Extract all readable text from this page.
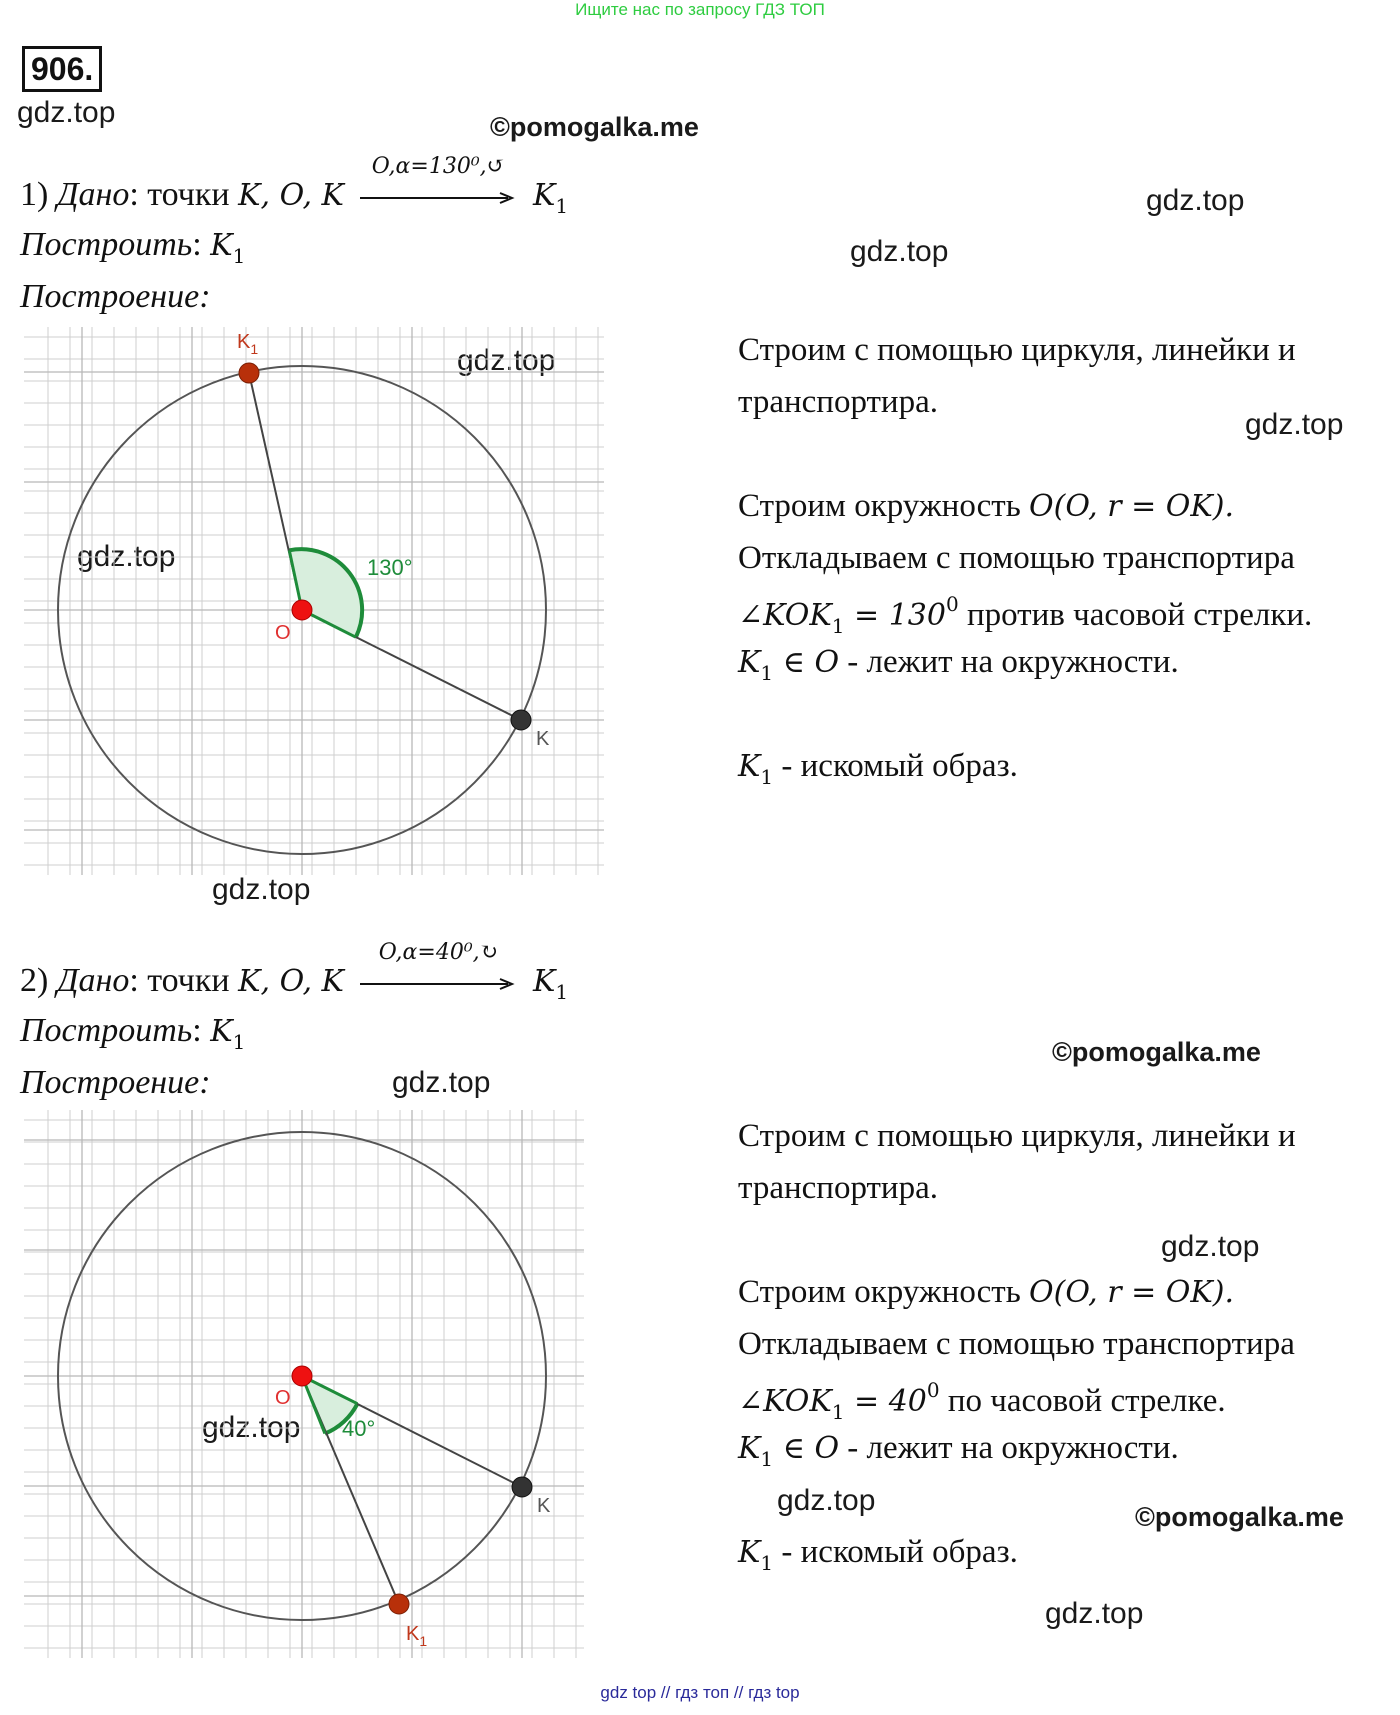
Ищите нас по запросу ГДЗ ТОП
906.
gdz.top	©pomogalka.me
gdz.top
gdz.top
gdz.top
gdz.top
gdz.top
gdz.top
©pomogalka.me
gdz.top
gdz.top
gdz.top
gdz.top	©pomogalka.me
gdz.top
1) Дано: точки K, O, K
O,α=130⁰,↺
$K_1$
Построить: $K_1$
Построение:
130°
O
K
$K_1$	Строим с помощью циркуля, линейки и
транспортира.
Строим окружность 𝑂(O, r = OK).
Откладываем с помощью транспортира
$\angle KOK_1 = 130^0$ против часовой стрелки.
$K_1$ ∈ 𝑂 - лежит на окружности.
$K_1$ - искомый образ.
2) Дано: точки K, O, K
O,α=40⁰,↻
$K_1$
Построить: $K_1$
Построение:
40°
O
K
$K_1$
Строим с помощью циркуля, линейки и
транспортира.
Строим окружность 𝑂(O, r = OK).
Откладываем с помощью транспортира
$\angle KOK_1 = 40^0$ по часовой стрелке.
$K_1$ ∈ 𝑂 - лежит на окружности.
$K_1$ - искомый образ.
gdz top // гдз топ // гдз top
